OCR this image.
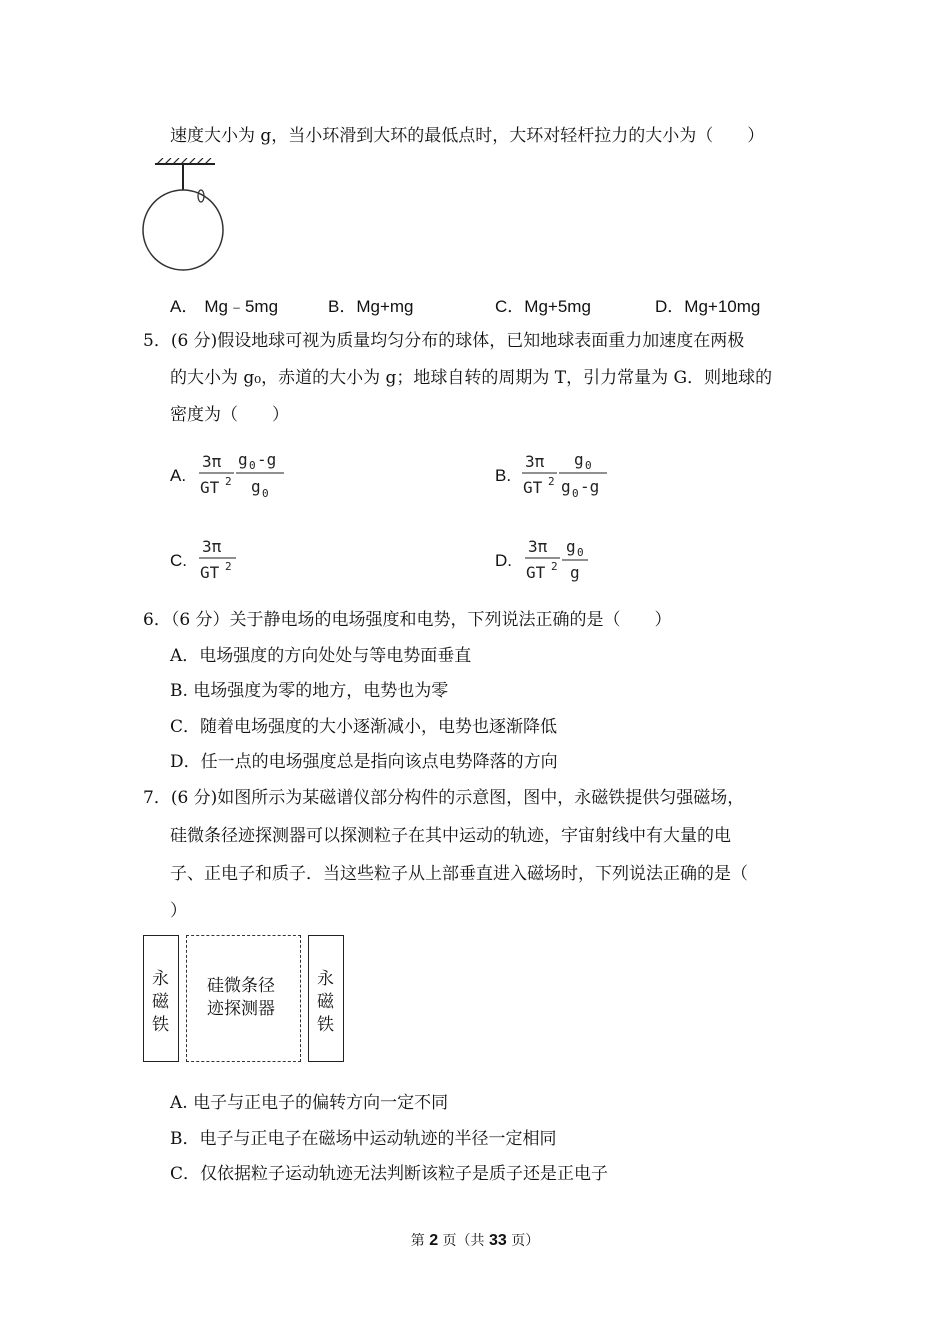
速度大小为 g，当小环滑到大环的最低点时，大环对轻杆拉力的大小为（　　）
A． Mg﹣5mg	B．Mg+mg	C．Mg+5mg	D．Mg+10mg
5．(6 分)假设地球可视为质量均匀分布的球体，已知地球表面重力加速度在两极
的大小为 g₀，赤道的大小为 g；地球自转的周期为 T，引力常量为 G．则地球的
密度为（　　）
A.
3π
GT 2
g 0 -g
g 0
B.
3π
GT 2
g 0
g 0 -g
C.
3π
GT 2	D.
3π
GT 2
g 0
g
6．（6 分）关于静电场的电场强度和电势，下列说法正确的是（　　）
A．电场强度的方向处处与等电势面垂直
B. 电场强度为零的地方，电势也为零
C．随着电场强度的大小逐渐减小，电势也逐渐降低
D．任一点的电场强度总是指向该点电势降落的方向
7．(6 分)如图所示为某磁谱仪部分构件的示意图，图中，永磁铁提供匀强磁场，
硅微条径迹探测器可以探测粒子在其中运动的轨迹，宇宙射线中有大量的电
子、正电子和质子．当这些粒子从上部垂直进入磁场时，下列说法正确的是（
）
永
磁
铁
硅微条径
迹探测器
永
磁
铁
A. 电子与正电子的偏转方向一定不同
B．电子与正电子在磁场中运动轨迹的半径一定相同
C．仅依据粒子运动轨迹无法判断该粒子是质子还是正电子
第 2 页（共 33 页）
